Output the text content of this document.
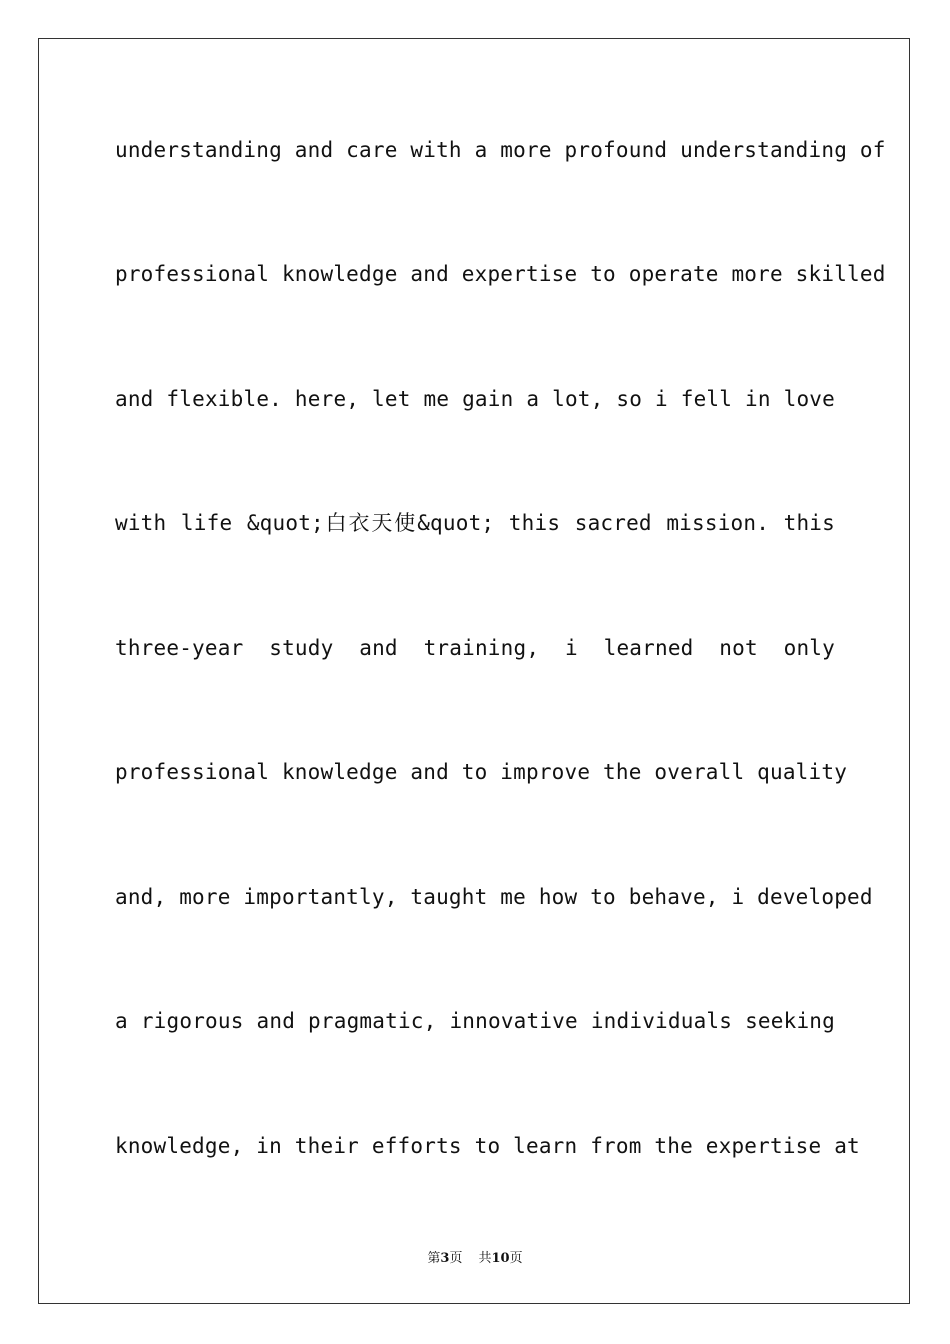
understanding and care with a more profound understanding of
professional knowledge and expertise to operate more skilled
and flexible. here, let me gain a lot, so i fell in love
with life &quot;白衣天使&quot; this sacred mission. this
three-year study and training, i learned not only
professional knowledge and to improve the overall quality
and, more importantly, taught me how to behave, i developed
a rigorous and pragmatic, innovative individuals seeking
knowledge, in their efforts to learn from the expertise at
第3页 共10页
